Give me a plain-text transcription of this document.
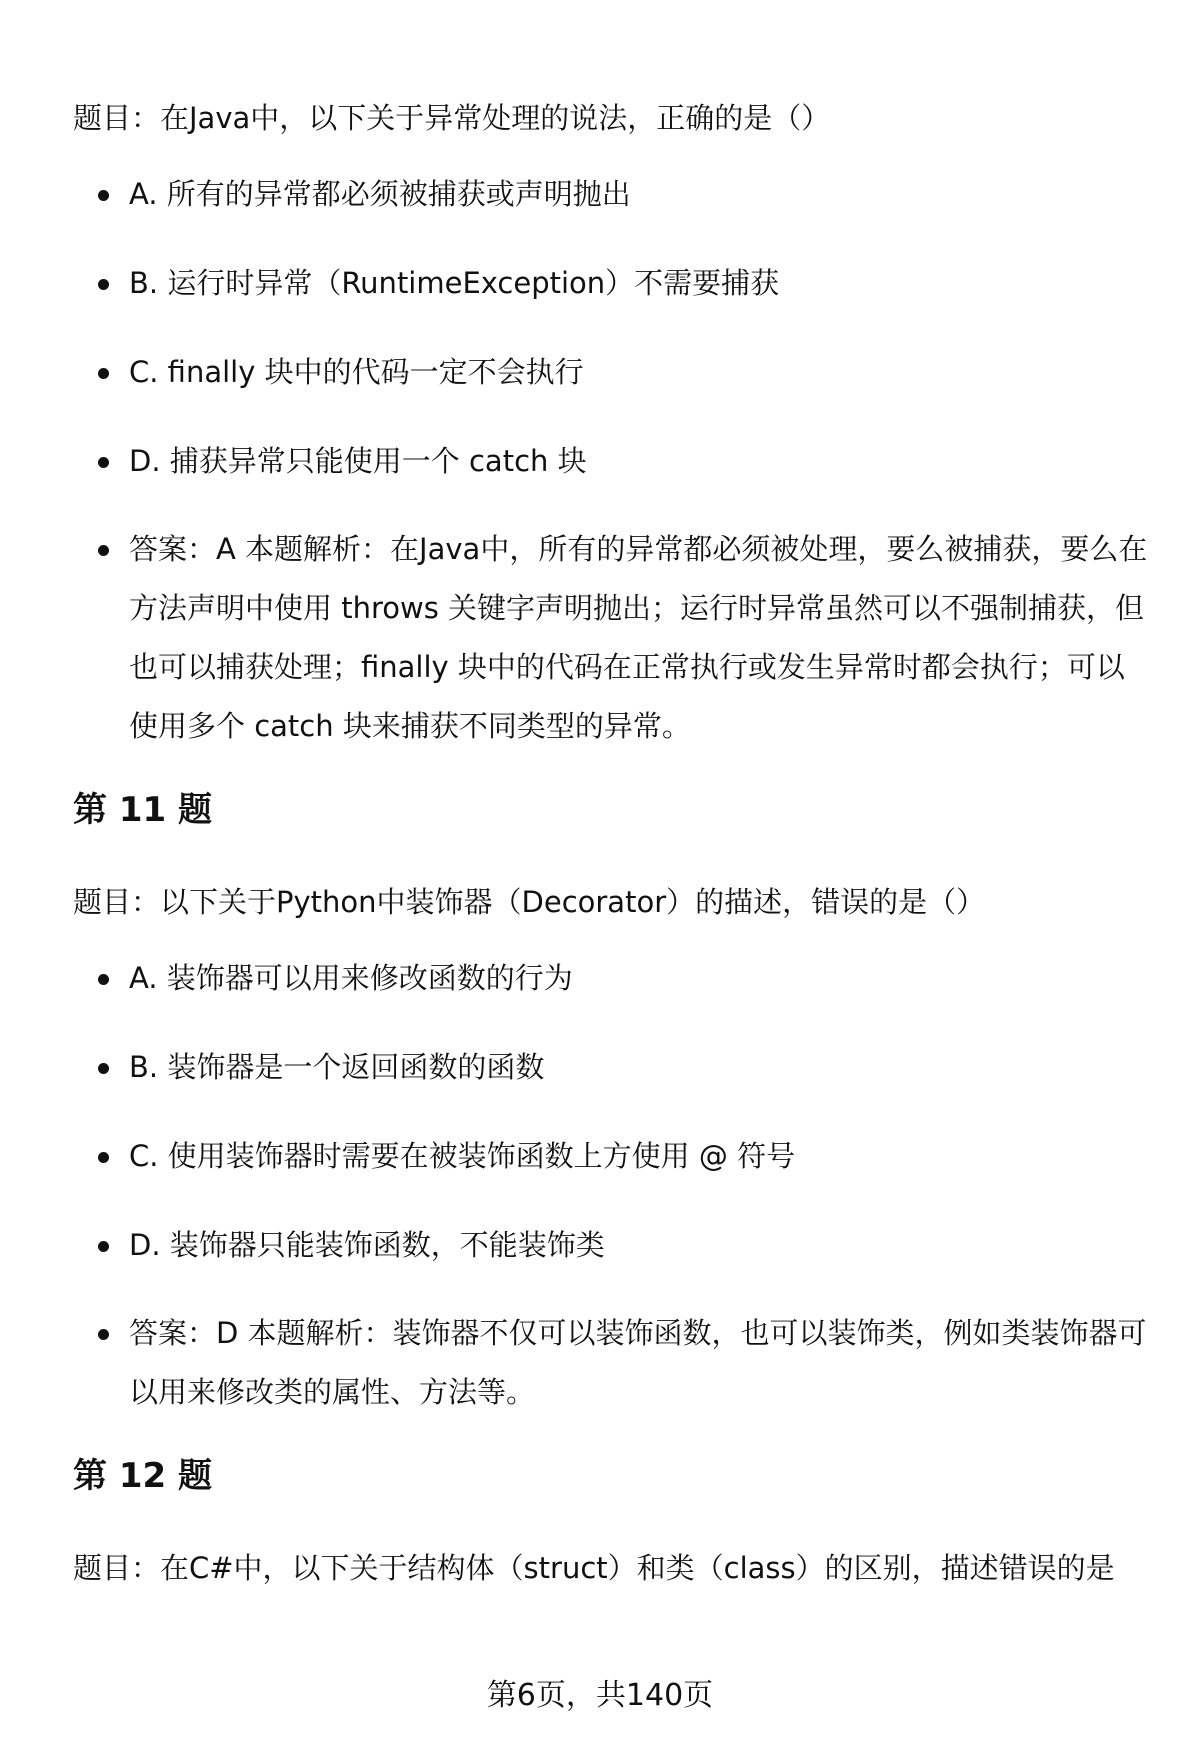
题目：在Java中，以下关于异常处理的说法，正确的是（）

A. 所有的异常都必须被捕获或声明抛出
B. 运行时异常（RuntimeException）不需要捕获
C. finally 块中的代码一定不会执行
D. 捕获异常只能使用一个 catch 块
答案：A 本题解析：在Java中，所有的异常都必须被处理，要么被捕获，要么在方法声明中使用 throws 关键字声明抛出；运行时异常虽然可以不强制捕获，但也可以捕获处理；finally 块中的代码在正常执行或发生异常时都会执行；可以使用多个 catch 块来捕获不同类型的异常。
第 11 题

题目：以下关于Python中装饰器（Decorator）的描述，错误的是（）

A. 装饰器可以用来修改函数的行为
B. 装饰器是一个返回函数的函数
C. 使用装饰器时需要在被装饰函数上方使用 @ 符号
D. 装饰器只能装饰函数，不能装饰类
答案：D 本题解析：装饰器不仅可以装饰函数，也可以装饰类，例如类装饰器可以用来修改类的属性、方法等。
第 12 题

题目：在C#中，以下关于结构体（struct）和类（class）的区别，描述错误的是

第6页，共140页
